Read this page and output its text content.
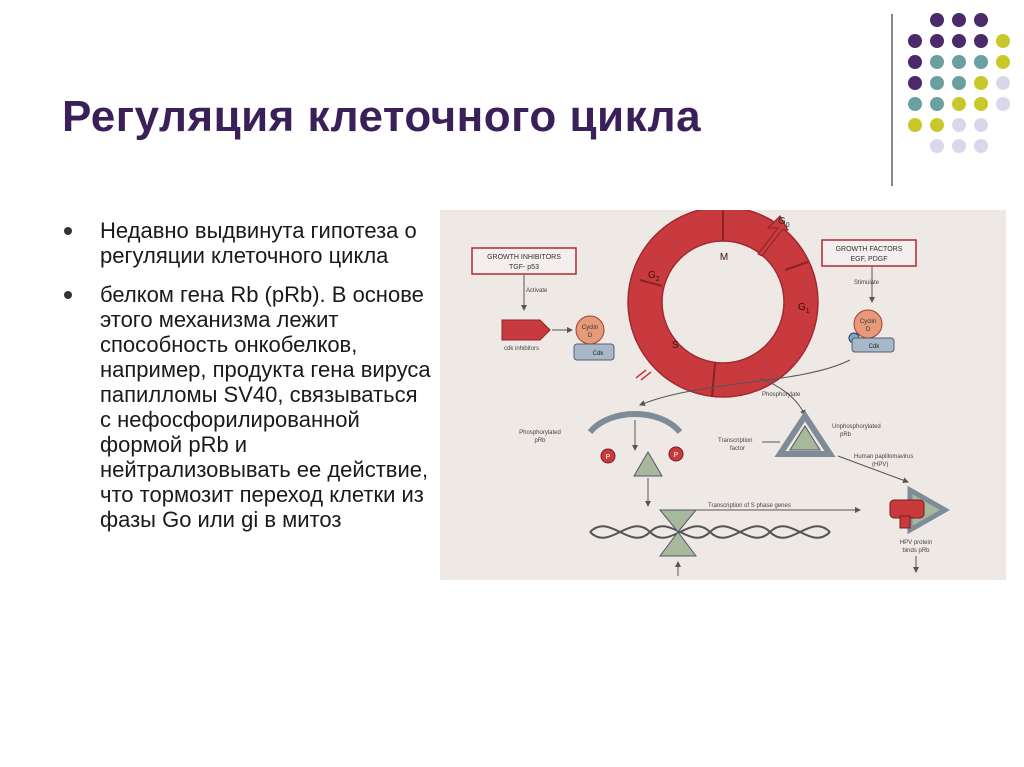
Регуляция клеточного цикла
Недавно выдвинута гипотеза о регуляции клеточного цикла
белком гена Rb (pRb). В основе этого механизма лежит способность онкобелков, например, продукта гена вируса папилломы SV40, связываться с нефосфорилированной формой pRb и нейтрализовывать ее действие, что тормозит переход клетки из фазы Go или gi в митоз
M
$G_2$
$G_1$
S
$G_0$
GROWTH INHIBITORS
TGF- p53
Activate
GROWTH FACTORS
EGF, PDGF
Stimulate
cdk inhibitors
Cyclin
D
Cdk
Cyclin
D
Cdk
Phosphorylate
Phosphorylated
pRb
P	P
Unphosphorylated
pRb
Transcription
factor
Human papillomavirus
(HPV)
HPV protein
binds pRb
Transcription of S phase genes
